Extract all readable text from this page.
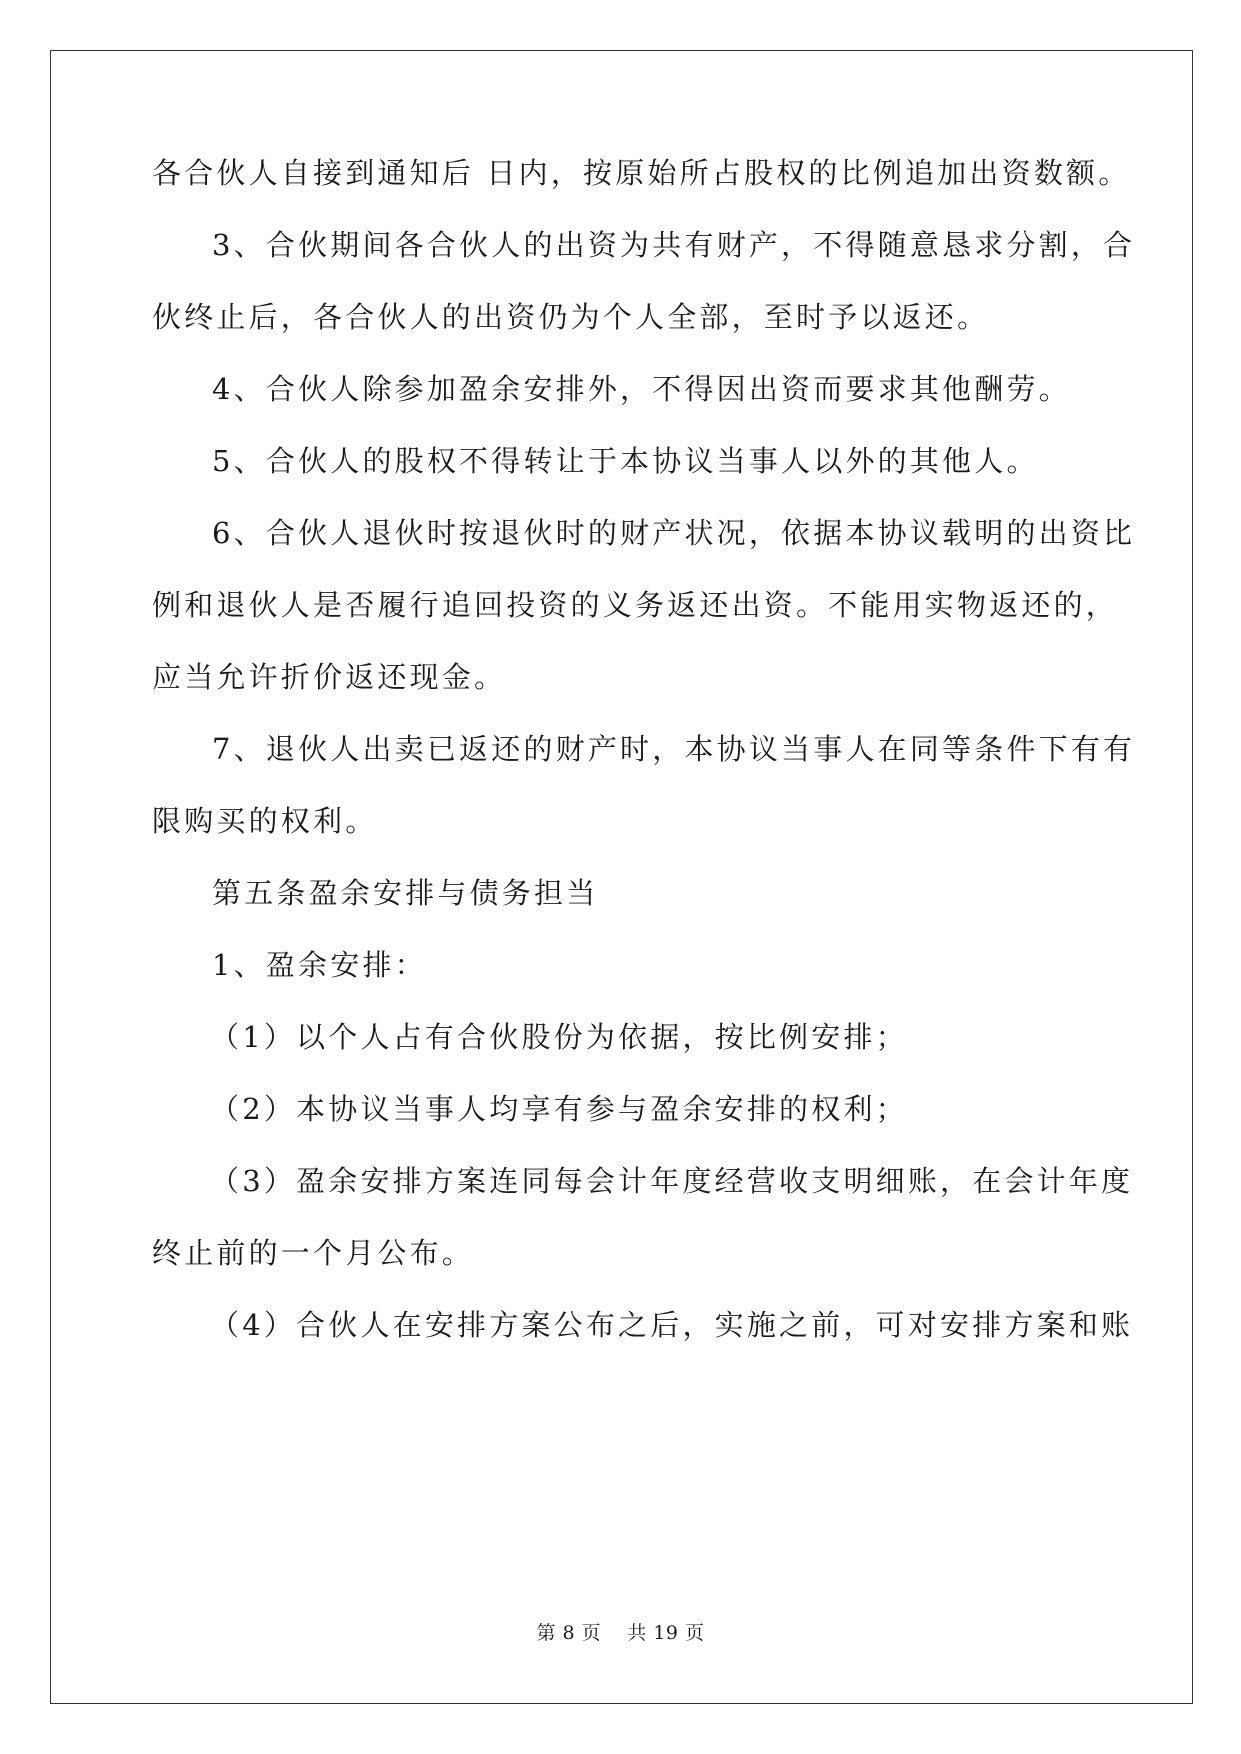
各合伙人自接到通知后 日内，按原始所占股权的比例追加出资数额。
3、合伙期间各合伙人的出资为共有财产，不得随意恳求分割，合
伙终止后，各合伙人的出资仍为个人全部，至时予以返还。
4、合伙人除参加盈余安排外，不得因出资而要求其他酬劳。
5、合伙人的股权不得转让于本协议当事人以外的其他人。
6、合伙人退伙时按退伙时的财产状况，依据本协议载明的出资比
例和退伙人是否履行追回投资的义务返还出资。不能用实物返还的，
应当允许折价返还现金。
7、退伙人出卖已返还的财产时，本协议当事人在同等条件下有有
限购买的权利。
第五条盈余安排与债务担当
1、盈余安排：
（1）以个人占有合伙股份为依据，按比例安排；
（2）本协议当事人均享有参与盈余安排的权利；
（3）盈余安排方案连同每会计年度经营收支明细账，在会计年度
终止前的一个月公布。
（4）合伙人在安排方案公布之后，实施之前，可对安排方案和账
第 8 页    共 19 页
